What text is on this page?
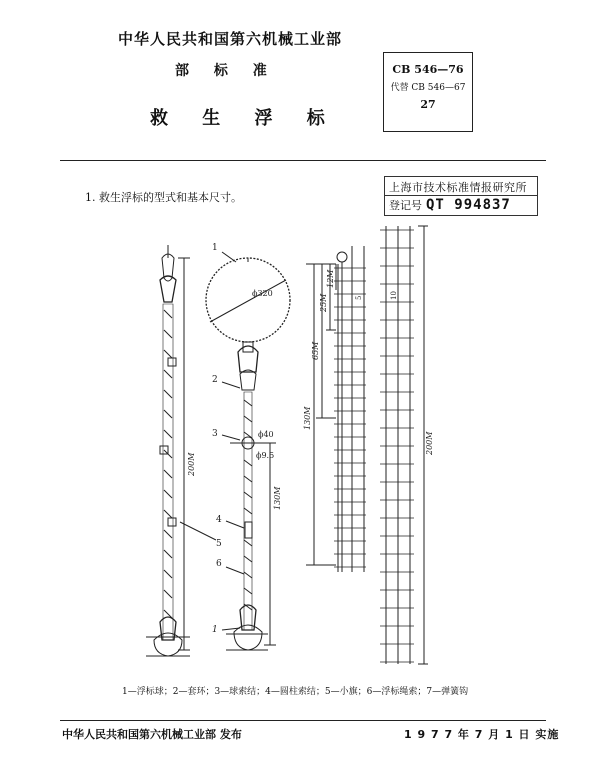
中华人民共和国第六机械工业部
部 标 准
救 生 浮 标
CB 546—76
代替 CB 546—67
27
1. 救生浮标的型式和基本尺寸。
上海市技术标准情报研究所
登记号 QT 994837
1
2
3
4
5
6
1
ϕ320
ϕ40
ϕ9.5
200M
130M
12M
25M
65M
130M
200M
5	10
1—浮标球；2—套环；3—球索结；4—圆柱索结；5—小旗；6—浮标绳索；7—弹簧钩
中华人民共和国第六机械工业部 发布	1 9 7 7 年 7 月 1 日 实施
